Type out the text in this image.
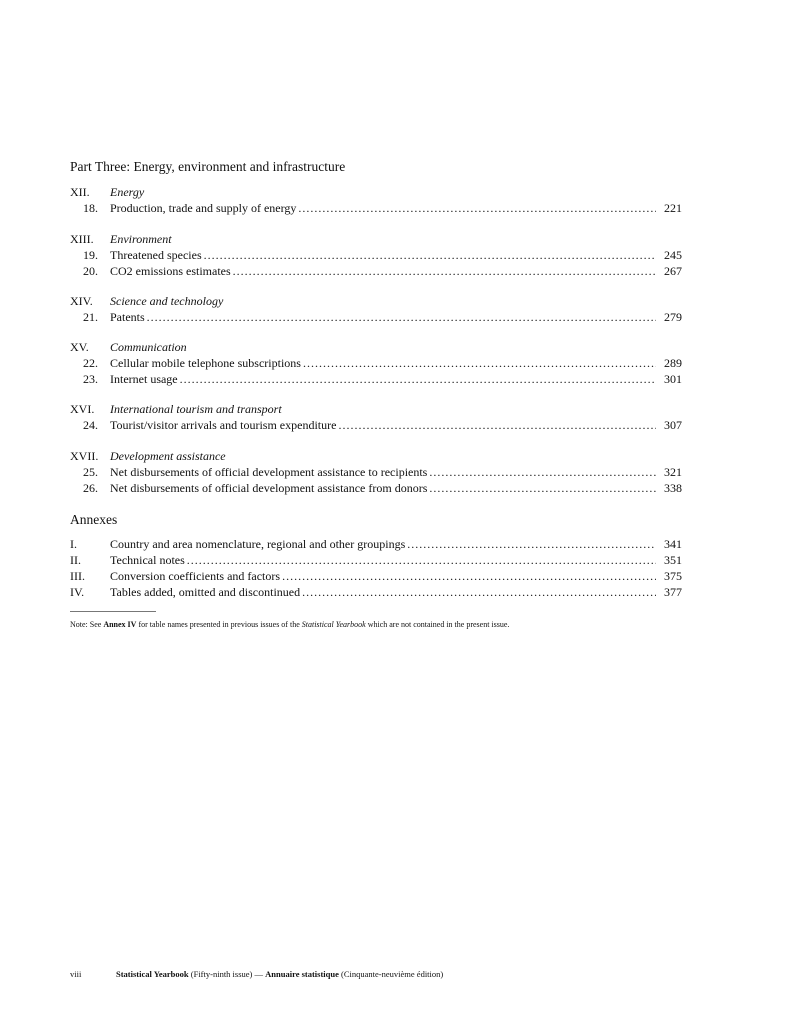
Part Three: Energy, environment and infrastructure
XII.	Energy
18. Production, trade and supply of energy .....	221
XIII.	Environment
19. Threatened species .....	245
20. CO2 emissions estimates .....	267
XIV.	Science and technology
21. Patents .....	279
XV.	Communication
22. Cellular mobile telephone subscriptions .....	289
23. Internet usage .....	301
XVI.	International tourism and transport
24. Tourist/visitor arrivals and tourism expenditure .....	307
XVII. Development assistance
25. Net disbursements of official development assistance to recipients .....	321
26. Net disbursements of official development assistance from donors .....	338
Annexes
I.	Country and area nomenclature, regional and other groupings .....	341
II.	Technical notes .....	351
III.	Conversion coefficients and factors .....	375
IV.	Tables added, omitted and discontinued .....	377
Note: See Annex IV for table names presented in previous issues of the Statistical Yearbook which are not contained in the present issue.
viii	Statistical Yearbook (Fifty-ninth issue) — Annuaire statistique (Cinquante-neuvième édition)
